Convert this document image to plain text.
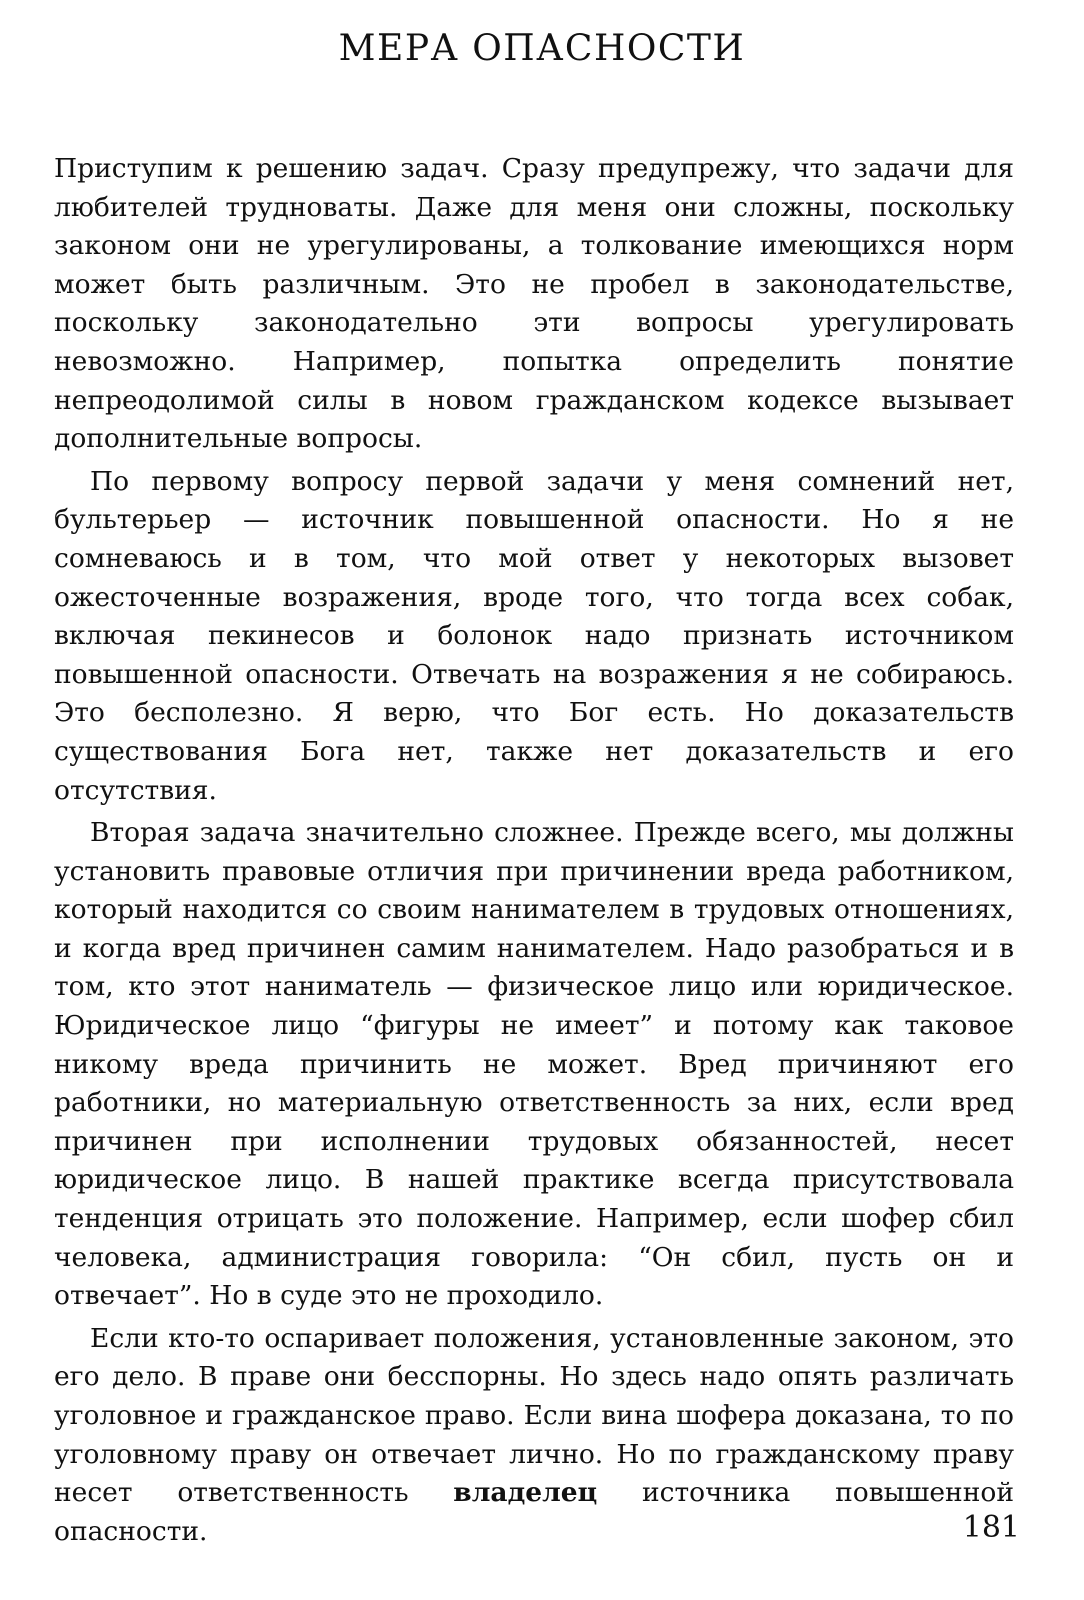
МЕРА ОПАСНОСТИ

Приступим к решению задач. Сразу предупрежу, что задачи для любителей трудноваты. Даже для меня они сложны, поскольку законом они не урегулированы, а толкование имеющихся норм может быть различным. Это не пробел в законодательстве, поскольку законодательно эти вопросы урегулировать невозможно. Например, попытка определить понятие непреодолимой силы в новом гражданском кодексе вызывает дополнительные вопросы.

По первому вопросу первой задачи у меня сомнений нет, бультерьер — источник повышенной опасности. Но я не сомневаюсь и в том, что мой ответ у некоторых вызовет ожесточенные возражения, вроде того, что тогда всех собак, включая пекинесов и болонок надо признать источником повышенной опасности. Отвечать на возражения я не собираюсь. Это бесполезно. Я верю, что Бог есть. Но доказательств существования Бога нет, также нет доказательств и его отсутствия.

Вторая задача значительно сложнее. Прежде всего, мы должны установить правовые отличия при причинении вреда работником, который находится со своим нанимателем в трудовых отношениях, и когда вред причинен самим нанимателем. Надо разобраться и в том, кто этот наниматель — физическое лицо или юридическое. Юридическое лицо “фигуры не имеет” и потому как таковое никому вреда причинить не может. Вред причиняют его работники, но материальную ответственность за них, если вред причинен при исполнении трудовых обязанностей, несет юридическое лицо. В нашей практике всегда присутствовала тенденция отрицать это положение. Например, если шофер сбил человека, администрация говорила: “Он сбил, пусть он и отвечает”. Но в суде это не проходило.

Если кто-то оспаривает положения, установленные законом, это его дело. В праве они бесспорны. Но здесь надо опять различать уголовное и гражданское право. Если вина шофера доказана, то по уголовному праву он отвечает лично. Но по гражданскому праву несет ответственность владелец источника повышенной опасности.	181
